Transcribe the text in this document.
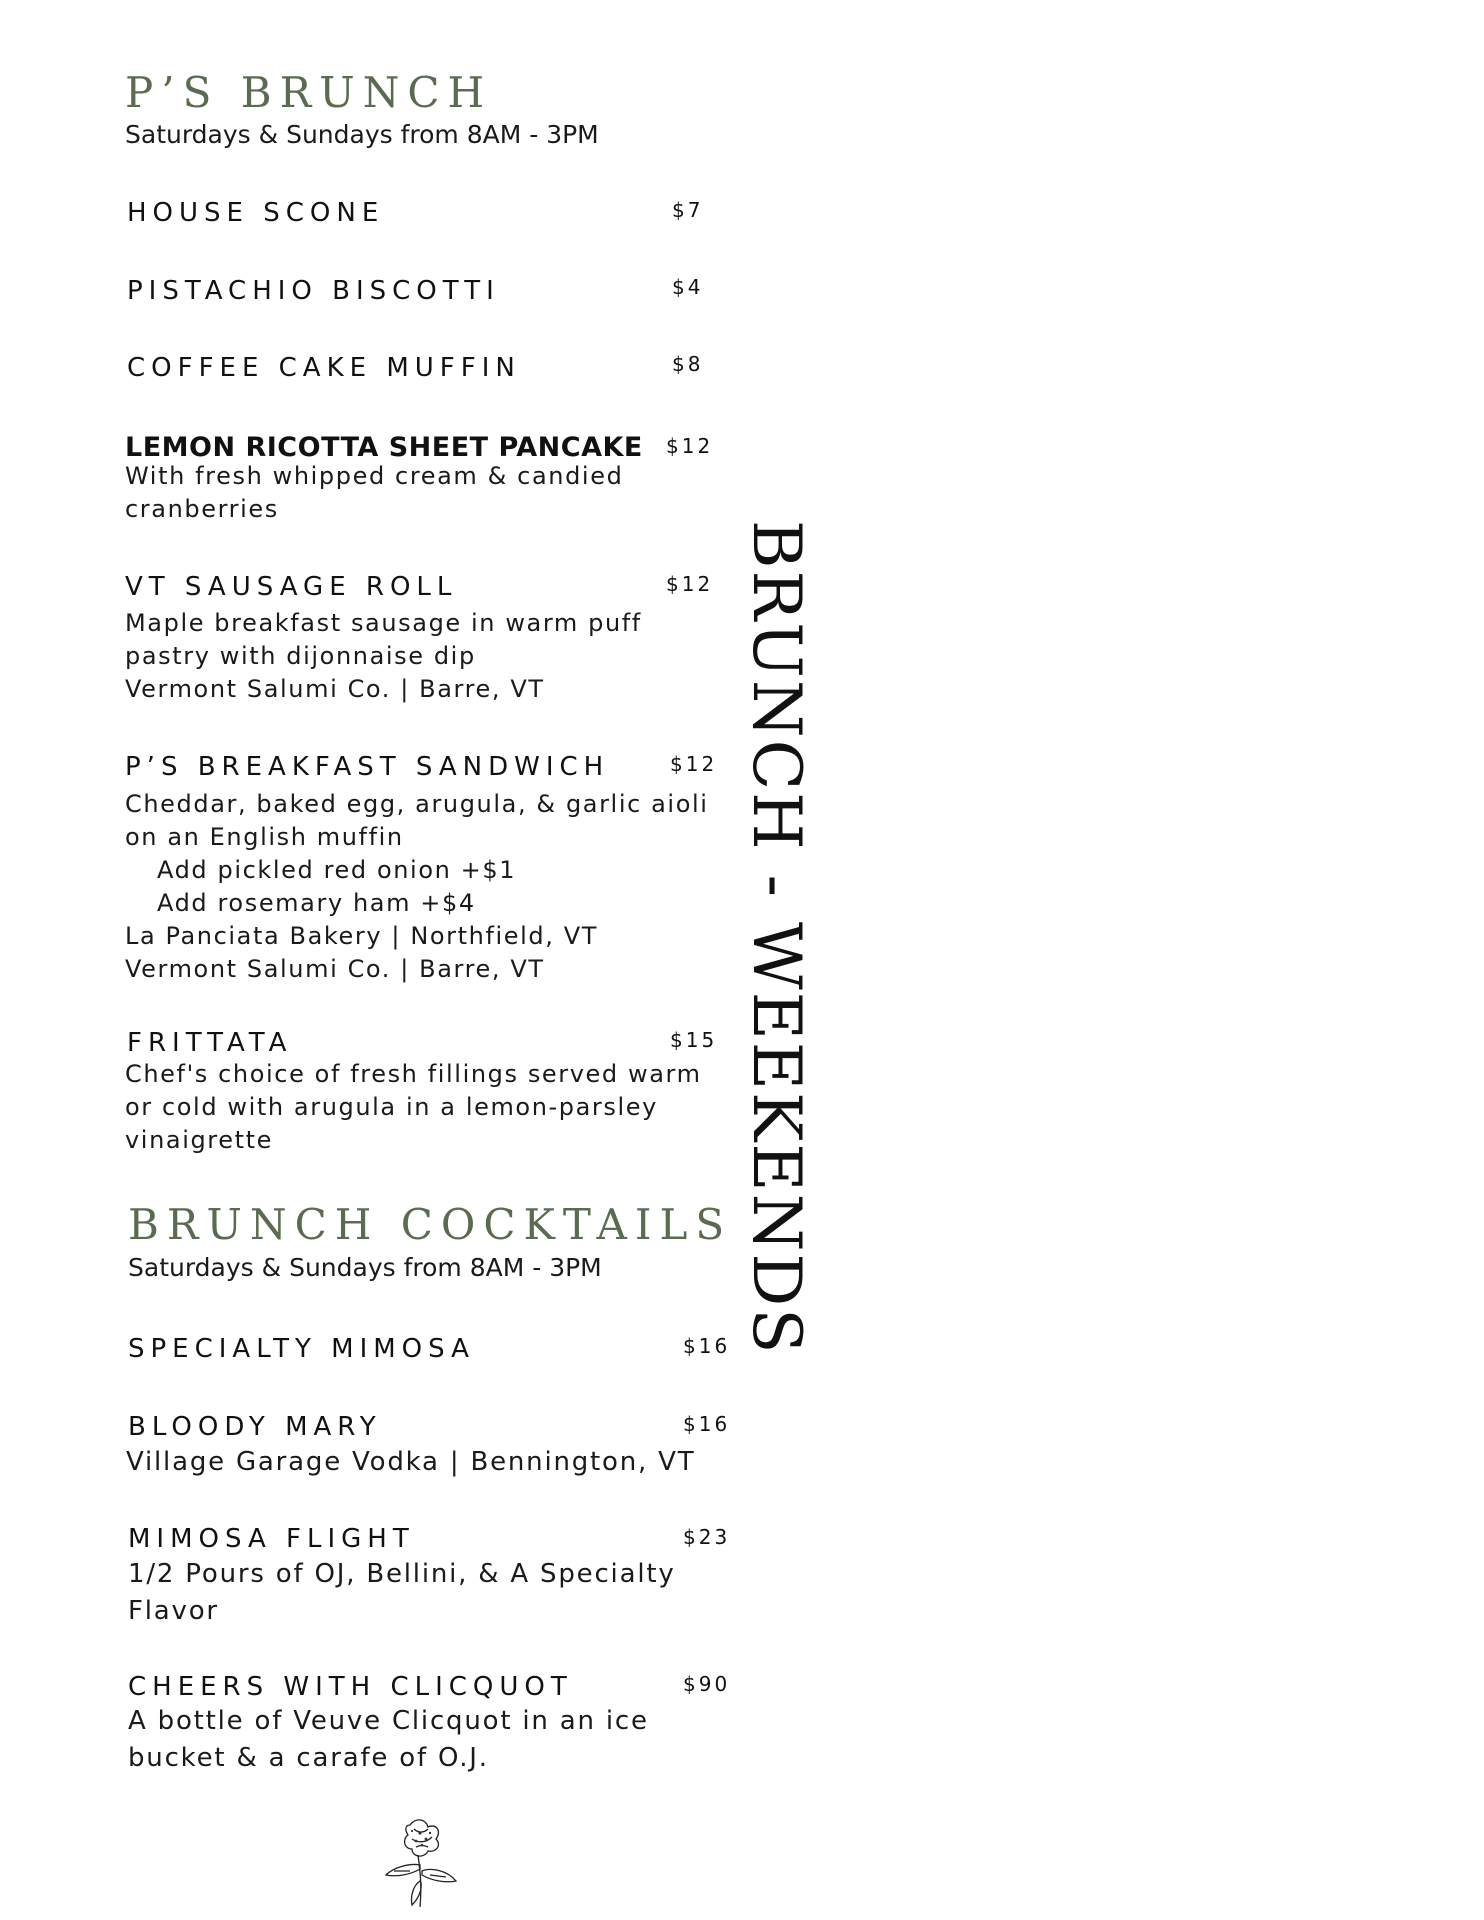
P’S BRUNCH
Saturdays & Sundays from 8AM - 3PM
HOUSE SCONE	$7
PISTACHIO BISCOTTI	$4
COFFEE CAKE MUFFIN	$8
LEMON RICOTTA SHEET PANCAKE $12
With fresh whipped cream & candied
cranberries
VT SAUSAGE ROLL	$12
Maple breakfast sausage in warm puff
pastry with dijonnaise dip
Vermont Salumi Co. | Barre, VT
P’S BREAKFAST SANDWICH	$12
Cheddar, baked egg, arugula, & garlic aioli
on an English muffin
Add pickled red onion +$1
Add rosemary ham +$4
La Panciata Bakery | Northfield, VT
Vermont Salumi Co. | Barre, VT
FRITTATA	$15
Chef's choice of fresh fillings served warm
or cold with arugula in a lemon-parsley
vinaigrette
BRUNCH COCKTAILS
Saturdays & Sundays from 8AM - 3PM
SPECIALTY MIMOSA	$16
BLOODY MARY	$16
Village Garage Vodka | Bennington, VT
MIMOSA FLIGHT	$23
1/2 Pours of OJ, Bellini, & A Specialty
Flavor
CHEERS WITH CLICQUOT	$90
A bottle of Veuve Clicquot in an ice
bucket & a carafe of O.J.
BRUNCH - WEEKENDS
